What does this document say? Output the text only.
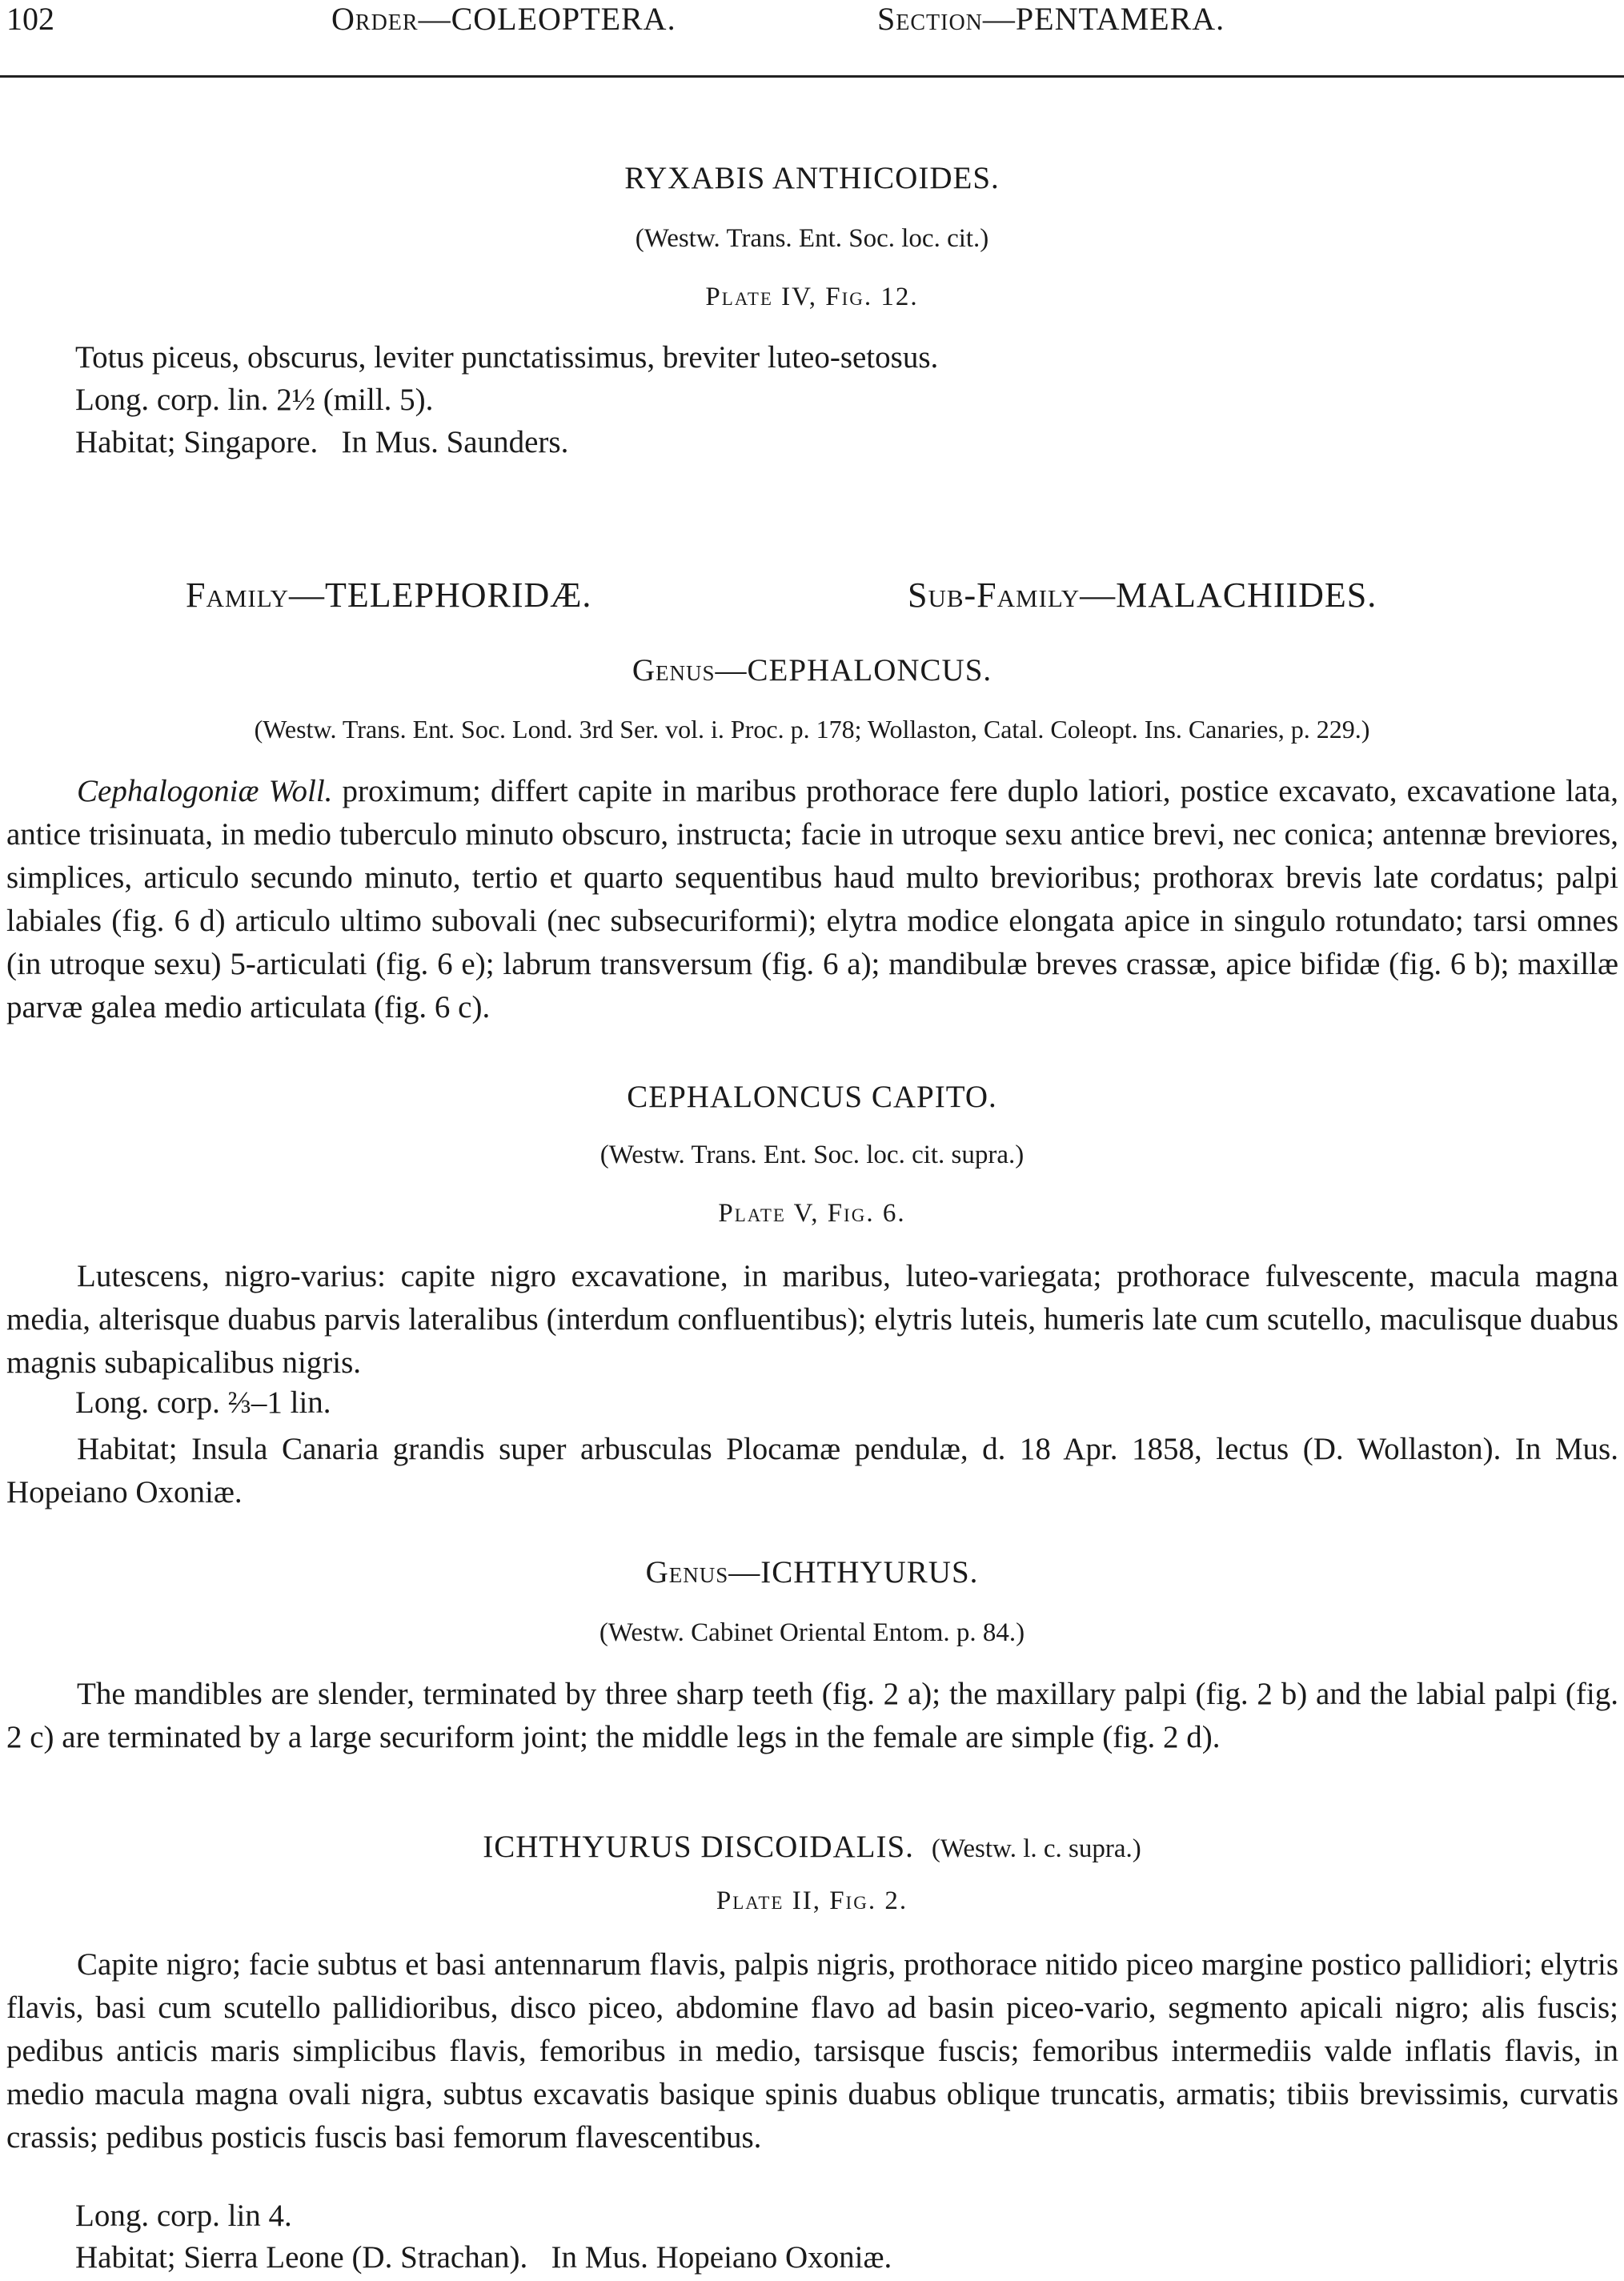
102	Order—COLEOPTERA.	Section—PENTAMERA.
RYXABIS ANTHICOIDES.
(Westw. Trans. Ent. Soc. loc. cit.)
Plate IV, Fig. 12.
Totus piceus, obscurus, leviter punctatissimus, breviter luteo-setosus.
Long. corp. lin. 2½ (mill. 5).
Habitat; Singapore.   In Mus. Saunders.
Family—TELEPHORIDÆ.	Sub-Family—MALACHIIDES.
Genus—CEPHALONCUS.
(Westw. Trans. Ent. Soc. Lond. 3rd Ser. vol. i. Proc. p. 178; Wollaston, Catal. Coleopt. Ins. Canaries, p. 229.)
Cephalogoniæ Woll. proximum; differt capite in maribus prothorace fere duplo latiori, postice excavato, excavatione lata, antice trisinuata, in medio tuberculo minuto obscuro, instructa; facie in utroque sexu antice brevi, nec conica; antennæ breviores, simplices, articulo secundo minuto, tertio et quarto sequentibus haud multo brevioribus; prothorax brevis late cordatus; palpi labiales (fig. 6 d) articulo ultimo subovali (nec subsecuriformi); elytra modice elongata apice in singulo rotundato; tarsi omnes (in utroque sexu) 5-articulati (fig. 6 e); labrum transversum (fig. 6 a); mandibulæ breves crassæ, apice bifidæ (fig. 6 b); maxillæ parvæ galea medio articulata (fig. 6 c).
CEPHALONCUS CAPITO.
(Westw. Trans. Ent. Soc. loc. cit. supra.)
Plate V, Fig. 6.
Lutescens, nigro-varius: capite nigro excavatione, in maribus, luteo-variegata; prothorace fulvescente, macula magna media, alterisque duabus parvis lateralibus (interdum confluentibus); elytris luteis, humeris late cum scutello, maculisque duabus magnis subapicalibus nigris.
Long. corp. ⅔–1 lin.
Habitat; Insula Canaria grandis super arbusculas Plocamæ pendulæ, d. 18 Apr. 1858, lectus (D. Wollaston). In Mus. Hopeiano Oxoniæ.
Genus—ICHTHYURUS.
(Westw. Cabinet Oriental Entom. p. 84.)
The mandibles are slender, terminated by three sharp teeth (fig. 2 a); the maxillary palpi (fig. 2 b) and the labial palpi (fig. 2 c) are terminated by a large securiform joint; the middle legs in the female are simple (fig. 2 d).
ICHTHYURUS DISCOIDALIS. (Westw. l. c. supra.)
Plate II, Fig. 2.
Capite nigro; facie subtus et basi antennarum flavis, palpis nigris, prothorace nitido piceo margine postico pallidiori; elytris flavis, basi cum scutello pallidioribus, disco piceo, abdomine flavo ad basin piceo-vario, segmento apicali nigro; alis fuscis; pedibus anticis maris simplicibus flavis, femoribus in medio, tarsisque fuscis; femoribus intermediis valde inflatis flavis, in medio macula magna ovali nigra, subtus excavatis basique spinis duabus oblique truncatis, armatis; tibiis brevissimis, curvatis crassis; pedibus posticis fuscis basi femorum flavescentibus.
Long. corp. lin 4.
Habitat; Sierra Leone (D. Strachan).   In Mus. Hopeiano Oxoniæ.
